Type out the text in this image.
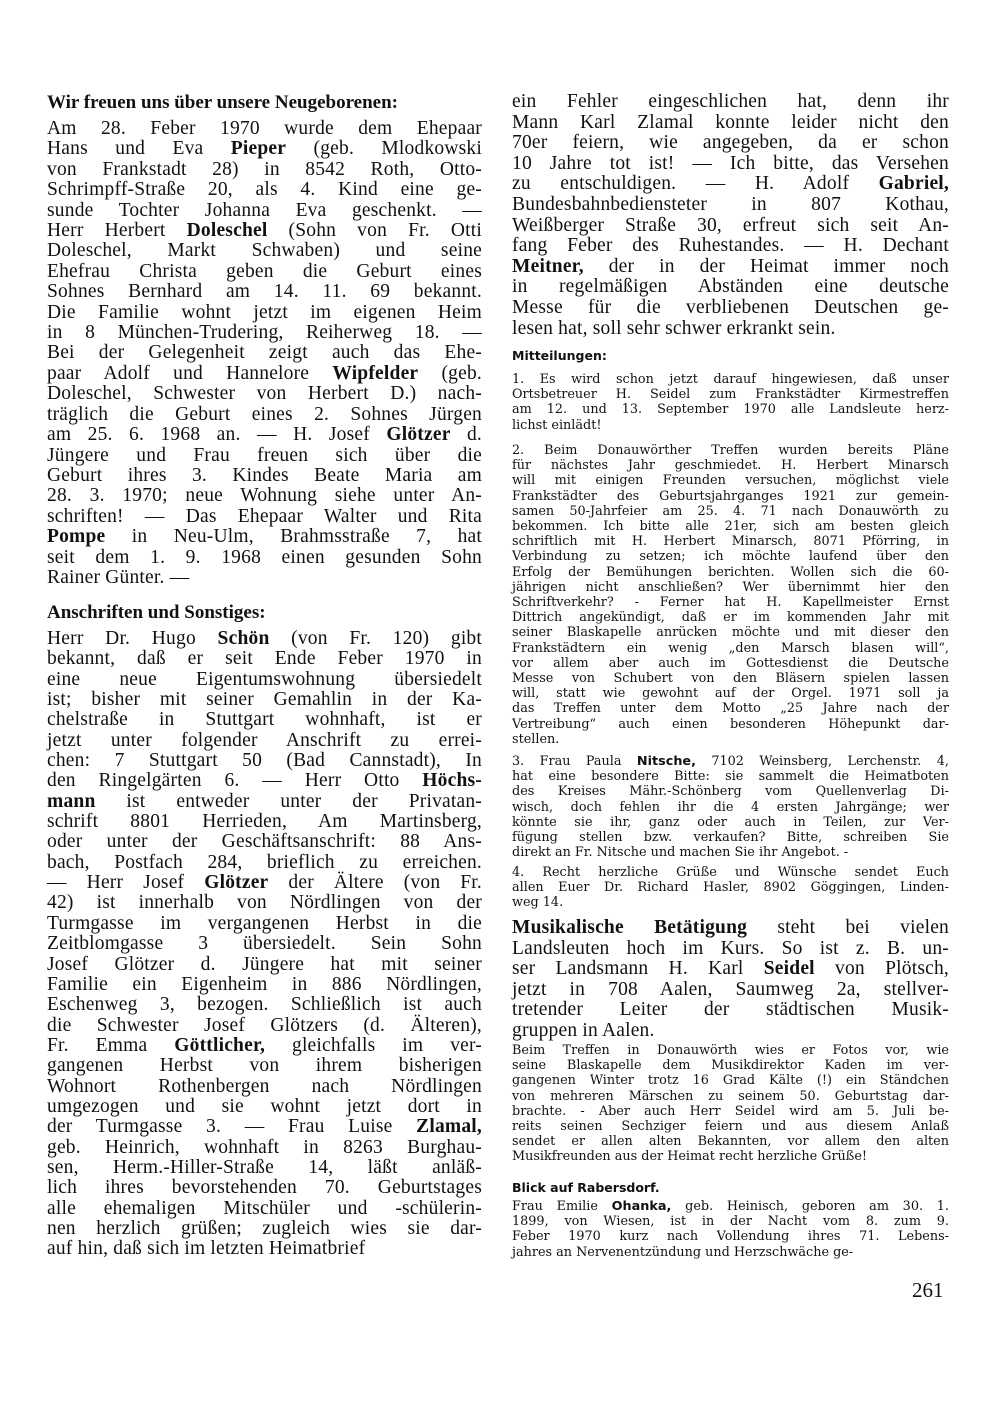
Wir freuen uns über unsere Neugeborenen:
Am 28. Feber 1970 wurde dem Ehepaar
Hans und Eva Pieper (geb. Mlodkowski
von Frankstadt 28) in 8542 Roth, Otto-
Schrimpff-Straße 20, als 4. Kind eine ge-
sunde Tochter Johanna Eva geschenkt. —
Herr Herbert Doleschel (Sohn von Fr. Otti
Doleschel, Markt Schwaben) und seine
Ehefrau Christa geben die Geburt eines
Sohnes Bernhard am 14. 11. 69 bekannt.
Die Familie wohnt jetzt im eigenen Heim
in 8 München-Trudering, Reiherweg 18. —
Bei der Gelegenheit zeigt auch das Ehe-
paar Adolf und Hannelore Wipfelder (geb.
Doleschel, Schwester von Herbert D.) nach-
träglich die Geburt eines 2. Sohnes Jürgen
am 25. 6. 1968 an. — H. Josef Glötzer d.
Jüngere und Frau freuen sich über die
Geburt ihres 3. Kindes Beate Maria am
28. 3. 1970; neue Wohnung siehe unter An-
schriften! — Das Ehepaar Walter und Rita
Pompe in Neu-Ulm, Brahmsstraße 7, hat
seit dem 1. 9. 1968 einen gesunden Sohn
Rainer Günter. —
Anschriften und Sonstiges:
Herr Dr. Hugo Schön (von Fr. 120) gibt
bekannt, daß er seit Ende Feber 1970 in
eine neue Eigentumswohnung übersiedelt
ist; bisher mit seiner Gemahlin in der Ka-
chelstraße in Stuttgart wohnhaft, ist er
jetzt unter folgender Anschrift zu errei-
chen: 7 Stuttgart 50 (Bad Cannstadt), In
den Ringelgärten 6. — Herr Otto Höchs-
mann ist entweder unter der Privatan-
schrift 8801 Herrieden, Am Martinsberg,
oder unter der Geschäftsanschrift: 88 Ans-
bach, Postfach 284, brieflich zu erreichen.
— Herr Josef Glötzer der Ältere (von Fr.
42) ist innerhalb von Nördlingen von der
Turmgasse im vergangenen Herbst in die
Zeitblomgasse 3 übersiedelt. Sein Sohn
Josef Glötzer d. Jüngere hat mit seiner
Familie ein Eigenheim in 886 Nördlingen,
Eschenweg 3, bezogen. Schließlich ist auch
die Schwester Josef Glötzers (d. Älteren),
Fr. Emma Göttlicher, gleichfalls im ver-
gangenen Herbst von ihrem bisherigen
Wohnort Rothenbergen nach Nördlingen
umgezogen und sie wohnt jetzt dort in
der Turmgasse 3. — Frau Luise Zlamal,
geb. Heinrich, wohnhaft in 8263 Burghau-
sen, Herm.-Hiller-Straße 14, läßt anläß-
lich ihres bevorstehenden 70. Geburtstages
alle ehemaligen Mitschüler und -schülerin-
nen herzlich grüßen; zugleich wies sie dar-
auf hin, daß sich im letzten Heimatbrief
ein Fehler eingeschlichen hat, denn ihr
Mann Karl Zlamal konnte leider nicht den
70er feiern, wie angegeben, da er schon
10 Jahre tot ist! — Ich bitte, das Versehen
zu entschuldigen. — H. Adolf Gabriel,
Bundesbahnbediensteter in 807 Kothau,
Weißberger Straße 30, erfreut sich seit An-
fang Feber des Ruhestandes. — H. Dechant
Meitner, der in der Heimat immer noch
in regelmäßigen Abständen eine deutsche
Messe für die verbliebenen Deutschen ge-
lesen hat, soll sehr schwer erkrankt sein.
Mitteilungen:
1. Es wird schon jetzt darauf hingewiesen, daß unser
Ortsbetreuer H. Seidel zum Frankstädter Kirmestreffen
am 12. und 13. September 1970 alle Landsleute herz-
lichst einlädt!
2. Beim Donauwörther Treffen wurden bereits Pläne
für nächstes Jahr geschmiedet. H. Herbert Minarsch
will mit einigen Freunden versuchen, möglichst viele
Frankstädter des Geburtsjahrganges 1921 zur gemein-
samen 50-Jahrfeier am 25. 4. 71 nach Donauwörth zu
bekommen. Ich bitte alle 21er, sich am besten gleich
schriftlich mit H. Herbert Minarsch, 8071 Pförring, in
Verbindung zu setzen; ich möchte laufend über den
Erfolg der Bemühungen berichten. Wollen sich die 60-
jährigen nicht anschließen? Wer übernimmt hier den
Schriftverkehr? - Ferner hat H. Kapellmeister Ernst
Dittrich angekündigt, daß er im kommenden Jahr mit
seiner Blaskapelle anrücken möchte und mit dieser den
Frankstädtern ein wenig „den Marsch blasen will“,
vor allem aber auch im Gottesdienst die Deutsche
Messe von Schubert von den Bläsern spielen lassen
will, statt wie gewohnt auf der Orgel. 1971 soll ja
das Treffen unter dem Motto „25 Jahre nach der
Vertreibung“ auch einen besonderen Höhepunkt dar-
stellen.
3. Frau Paula Nitsche, 7102 Weinsberg, Lerchenstr. 4,
hat eine besondere Bitte: sie sammelt die Heimatboten
des Kreises Mähr.-Schönberg vom Quellenverlag Di-
wisch, doch fehlen ihr die 4 ersten Jahrgänge; wer
könnte sie ihr, ganz oder auch in Teilen, zur Ver-
fügung stellen bzw. verkaufen? Bitte, schreiben Sie
direkt an Fr. Nitsche und machen Sie ihr Angebot. -
4. Recht herzliche Grüße und Wünsche sendet Euch
allen Euer Dr. Richard Hasler, 8902 Göggingen, Linden-
weg 14.
Musikalische Betätigung steht bei vielen
Landsleuten hoch im Kurs. So ist z. B. un-
ser Landsmann H. Karl Seidel von Plötsch,
jetzt in 708 Aalen, Saumweg 2a, stellver-
tretender Leiter der städtischen Musik-
gruppen in Aalen.
Beim Treffen in Donauwörth wies er Fotos vor, wie
seine Blaskapelle dem Musikdirektor Kaden im ver-
gangenen Winter trotz 16 Grad Kälte (!) ein Ständchen
von mehreren Märschen zu seinem 50. Geburtstag dar-
brachte. - Aber auch Herr Seidel wird am 5. Juli be-
reits seinen Sechziger feiern und aus diesem Anlaß
sendet er allen alten Bekannten, vor allem den alten
Musikfreunden aus der Heimat recht herzliche Grüße!
Blick auf Rabersdorf.
Frau Emilie Ohanka, geb. Heinisch, geboren am 30. 1.
1899, von Wiesen, ist in der Nacht vom 8. zum 9.
Feber 1970 kurz nach Vollendung ihres 71. Lebens-
jahres an Nervenentzündung und Herzschwäche ge-
261
